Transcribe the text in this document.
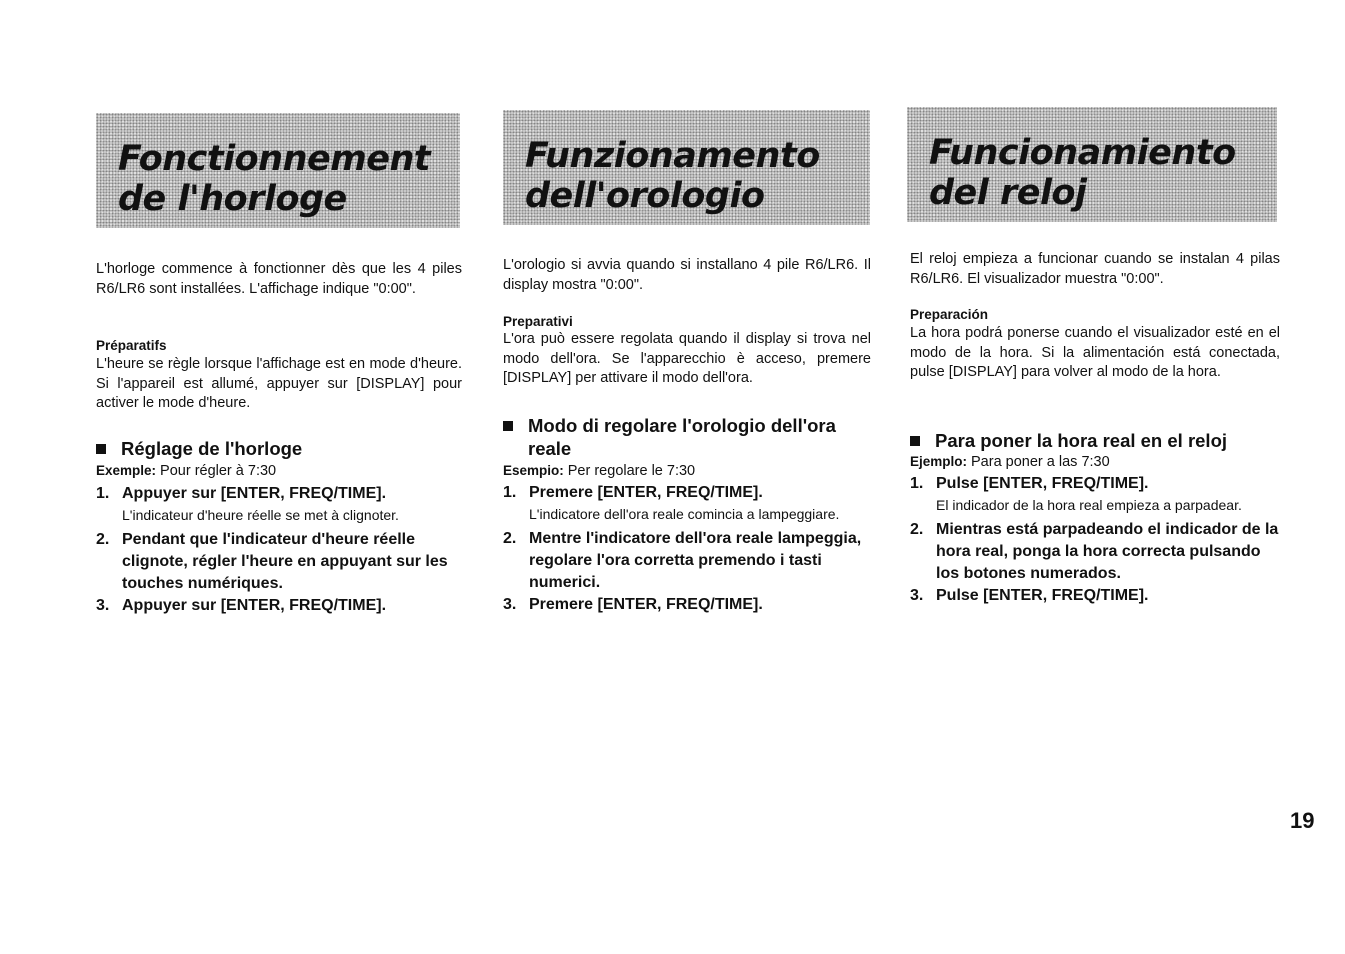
Fonctionnement
de l'horloge

L'horloge commence à fonctionner dès que les 4 piles R6/LR6 sont installées. L'affichage indique "0:00".

Préparatifs

L'heure se règle lorsque l'affichage est en mode d'heure. Si l'appareil est allumé, appuyer sur [DISPLAY] pour activer le mode d'heure.

Réglage de l'horloge

Exemple: Pour régler à 7:30

1. Appuyer sur [ENTER, FREQ/TIME].
L'indicateur d'heure réelle se met à clignoter.
2. Pendant que l'indicateur d'heure réelle clignote, régler l'heure en appuyant sur les touches numériques.
3. Appuyer sur [ENTER, FREQ/TIME].
Funzionamento
dell'orologio

L'orologio si avvia quando si installano 4 pile R6/LR6. Il display mostra "0:00".

Preparativi

L'ora può essere regolata quando il display si trova nel modo dell'ora. Se l'apparecchio è acceso, premere [DISPLAY] per attivare il modo dell'ora.

Modo di regolare l'orologio dell'ora reale

Esempio: Per regolare le 7:30

1. Premere [ENTER, FREQ/TIME].
L'indicatore dell'ora reale comincia a lampeggiare.
2. Mentre l'indicatore dell'ora reale lampeggia, regolare l'ora corretta premendo i tasti numerici.
3. Premere [ENTER, FREQ/TIME].
Funcionamiento
del reloj

El reloj empieza a funcionar cuando se instalan 4 pilas R6/LR6. El visualizador muestra "0:00".

Preparación

La hora podrá ponerse cuando el visualizador esté en el modo de la hora. Si la alimentación está conectada, pulse [DISPLAY] para volver al modo de la hora.

Para poner la hora real en el reloj

Ejemplo: Para poner a las 7:30

1. Pulse [ENTER, FREQ/TIME].
El indicador de la hora real empieza a parpadear.
2. Mientras está parpadeando el indicador de la hora real, ponga la hora correcta pulsando los botones numerados.
3. Pulse [ENTER, FREQ/TIME].
19
